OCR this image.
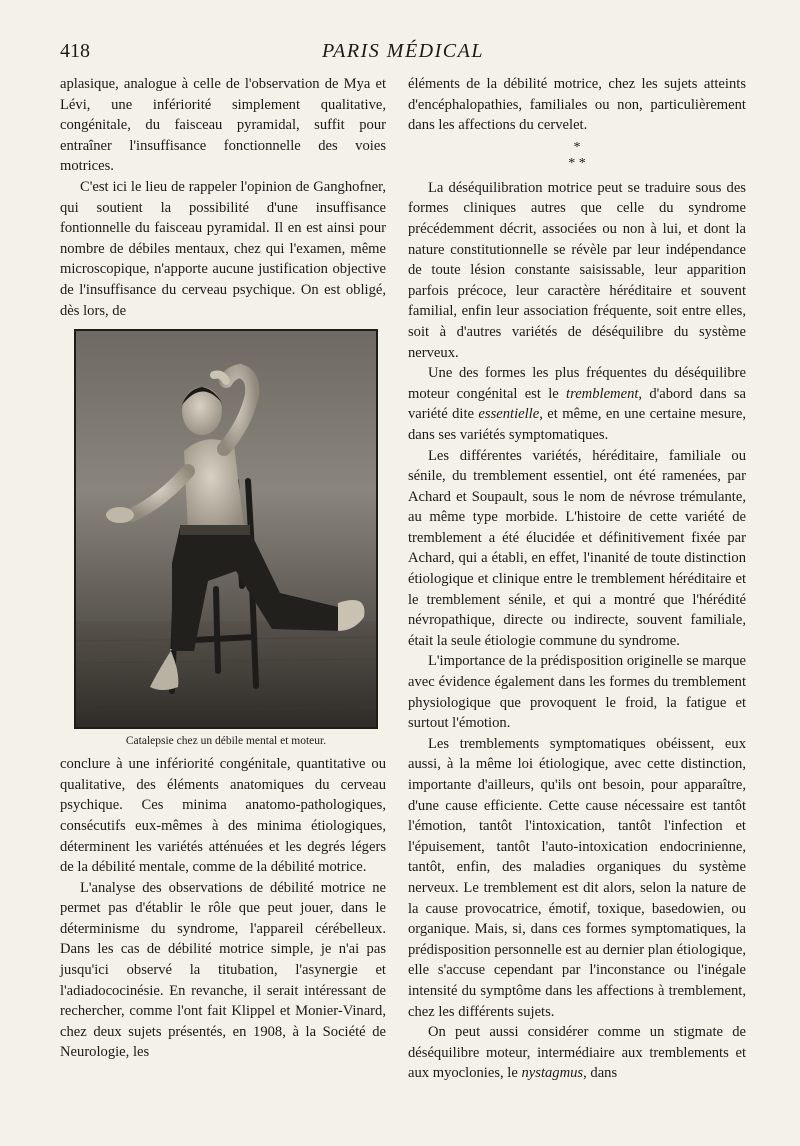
418	PARIS MÉDICAL

aplasique, analogue à celle de l'observation de Mya et Lévi, une infériorité simplement qualitative, congénitale, du faisceau pyramidal, suffit pour entraîner l'insuffisance fonctionnelle des voies motrices.

C'est ici le lieu de rappeler l'opinion de Ganghofner, qui soutient la possibilité d'une insuffisance fontionnelle du faisceau pyramidal. Il en est ainsi pour nombre de débiles mentaux, chez qui l'examen, même microscopique, n'apporte aucune justification objective de l'insuffisance du cerveau psychique. On est obligé, dès lors, de

Catalepsie chez un débile mental et moteur.

conclure à une infériorité congénitale, quantitative ou qualitative, des éléments anatomiques du cerveau psychique. Ces minima anatomo-pathologiques, consécutifs eux-mêmes à des minima étiologiques, déterminent les variétés atténuées et les degrés légers de la débilité mentale, comme de la débilité motrice.

L'analyse des observations de débilité motrice ne permet pas d'établir le rôle que peut jouer, dans le déterminisme du syndrome, l'appareil cérébelleux. Dans les cas de débilité motrice simple, je n'ai pas jusqu'ici observé la titubation, l'asynergie et l'adiadococinésie. En revanche, il serait intéressant de rechercher, comme l'ont fait Klippel et Monier-Vinard, chez deux sujets présentés, en 1908, à la Société de Neurologie, les

éléments de la débilité motrice, chez les sujets atteints d'encéphalopathies, familiales ou non, particulièrement dans les affections du cervelet.

*
* *

La déséquilibration motrice peut se traduire sous des formes cliniques autres que celle du syndrome précédemment décrit, associées ou non à lui, et dont la nature constitutionnelle se révèle par leur indépendance de toute lésion constante saisissable, leur apparition parfois précoce, leur caractère héréditaire et souvent familial, enfin leur association fréquente, soit entre elles, soit à d'autres variétés de déséquilibre du système nerveux.

Une des formes les plus fréquentes du déséquilibre moteur congénital est le tremblement, d'abord dans sa variété dite essentielle, et même, en une certaine mesure, dans ses variétés symptomatiques.

Les différentes variétés, héréditaire, familiale ou sénile, du tremblement essentiel, ont été ramenées, par Achard et Soupault, sous le nom de névrose trémulante, au même type morbide. L'histoire de cette variété de tremblement a été élucidée et définitivement fixée par Achard, qui a établi, en effet, l'inanité de toute distinction étiologique et clinique entre le tremblement héréditaire et le tremblement sénile, et qui a montré que l'hérédité névropathique, directe ou indirecte, souvent familiale, était la seule étiologie commune du syndrome.

L'importance de la prédisposition originelle se marque avec évidence également dans les formes du tremblement physiologique que provoquent le froid, la fatigue et surtout l'émotion.

Les tremblements symptomatiques obéissent, eux aussi, à la même loi étiologique, avec cette distinction, importante d'ailleurs, qu'ils ont besoin, pour apparaître, d'une cause efficiente. Cette cause nécessaire est tantôt l'émotion, tantôt l'intoxication, tantôt l'infection et l'épuisement, tantôt l'auto-intoxication endocrinienne, tantôt, enfin, des maladies organiques du système nerveux. Le tremblement est dit alors, selon la nature de la cause provocatrice, émotif, toxique, basedowien, ou organique. Mais, si, dans ces formes symptomatiques, la prédisposition personnelle est au dernier plan étiologique, elle s'accuse cependant par l'inconstance ou l'inégale intensité du symptôme dans les affections à tremblement, chez les différents sujets.

On peut aussi considérer comme un stigmate de déséquilibre moteur, intermédiaire aux tremblements et aux myoclonies, le nystagmus, dans
